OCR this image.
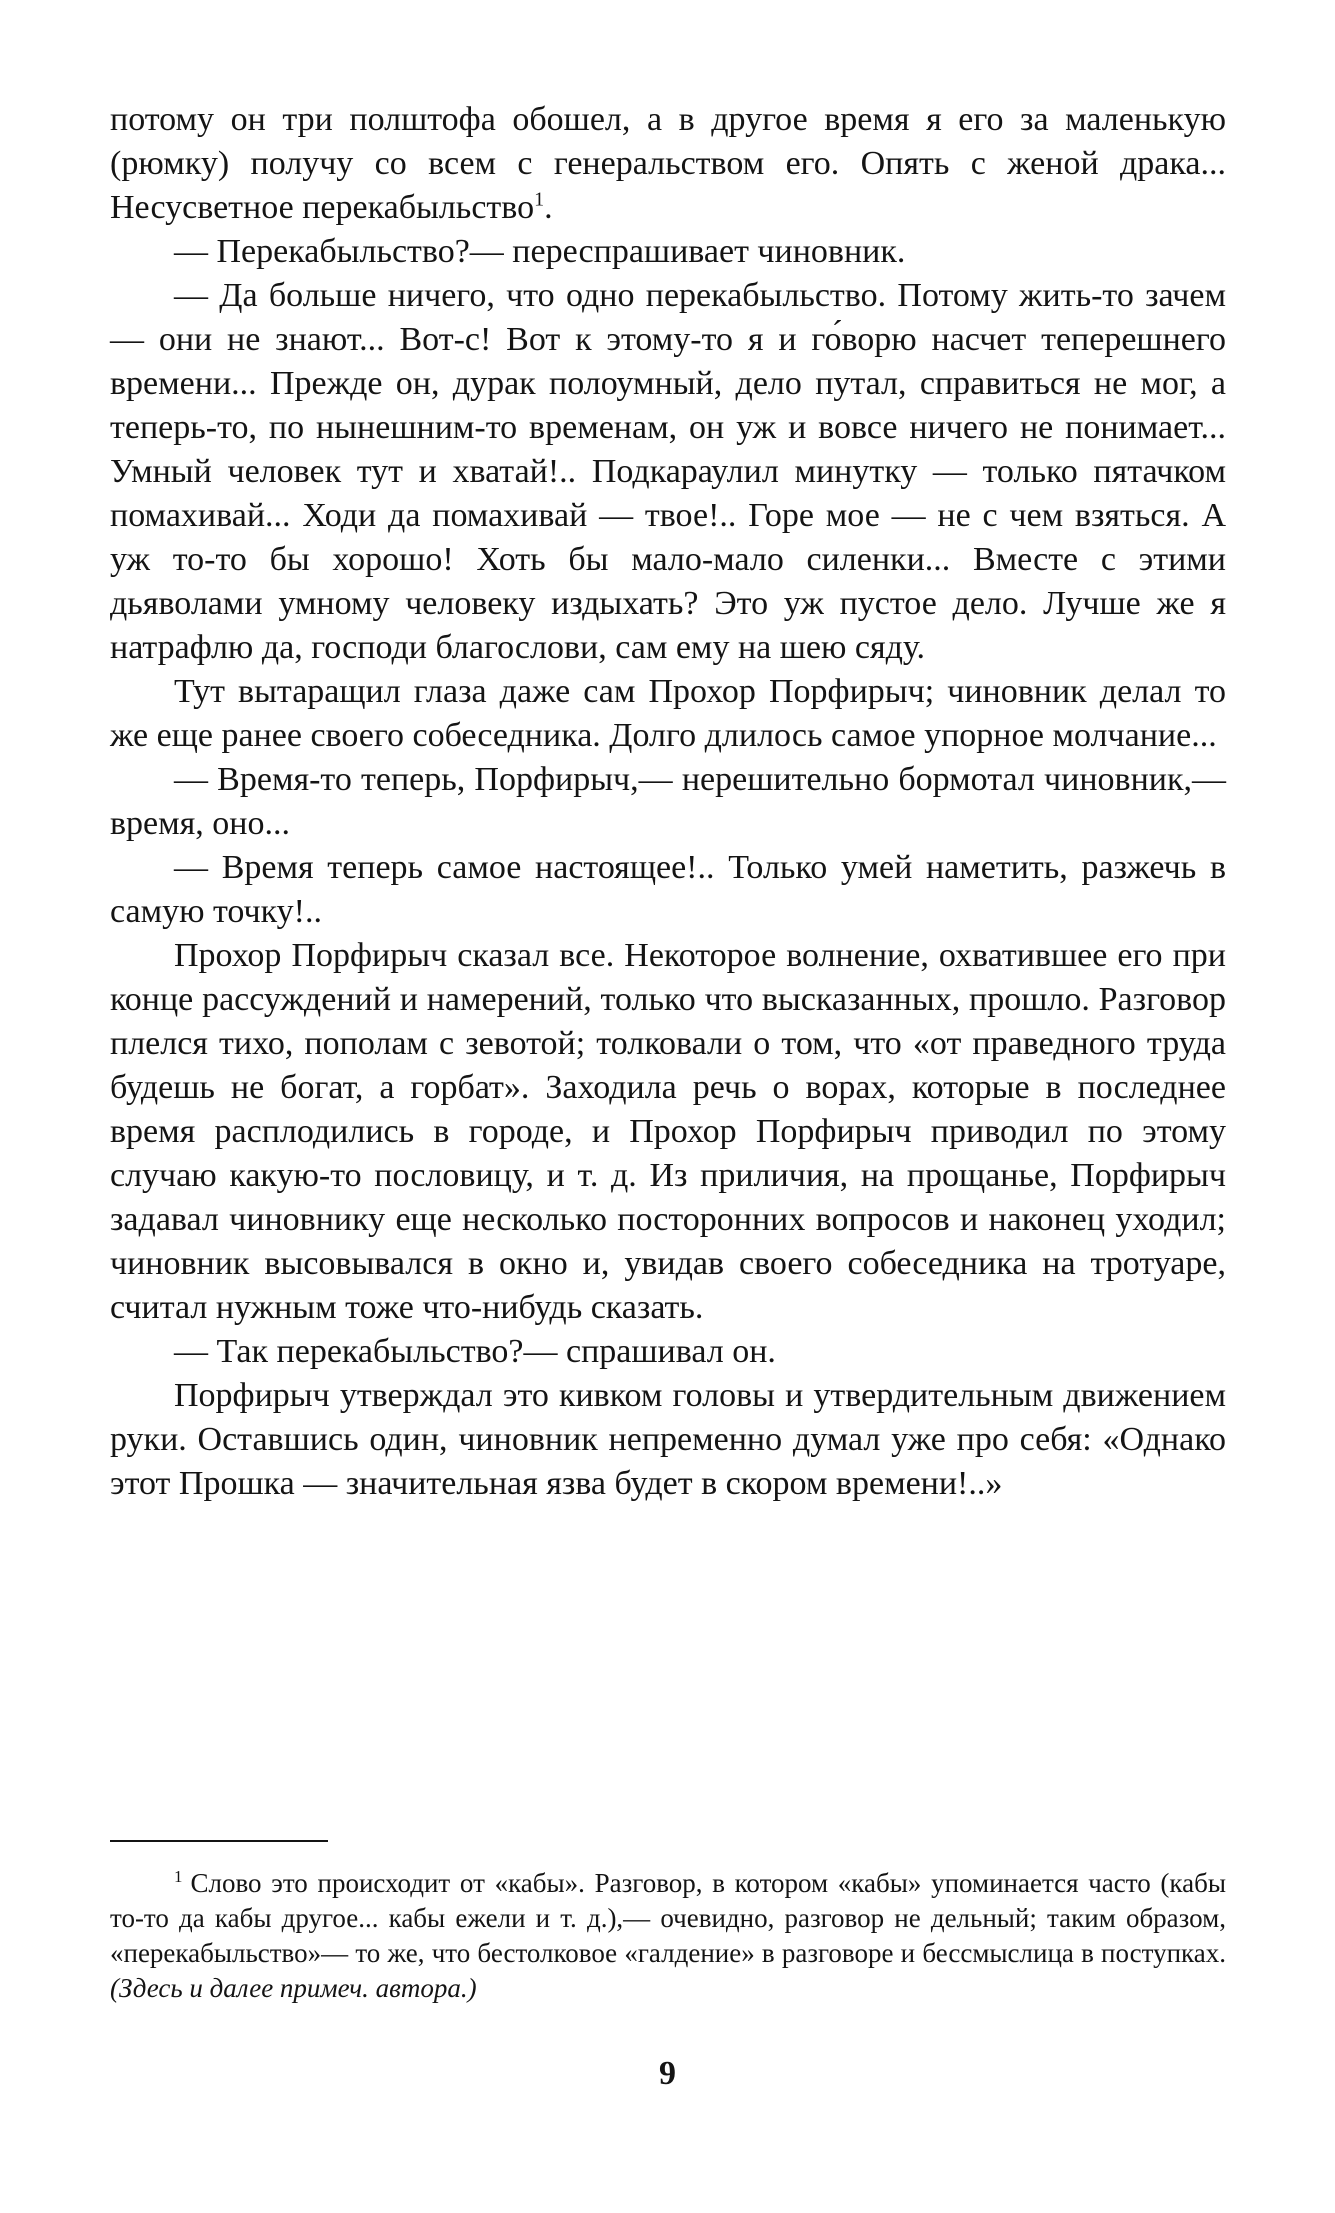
потому он три полштофа обошел, а в другое время я его за маленькую (рюмку) получу со всем с генеральством его. Опять с женой драка... Несусветное перекабыльство$^1$.

— Перекабыльство?— переспрашивает чиновник.

— Да больше ничего, что одно перекабыльство. Потому жить-то зачем — они не знают... Вот-с! Вот к этому-то я и го́ворю насчет теперешнего времени... Прежде он, дурак полоумный, дело путал, справиться не мог, а теперь-то, по нынешним-то временам, он уж и вовсе ничего не понимает... Умный человек тут и хватай!.. Подкараулил минутку — только пятачком помахивай... Ходи да помахивай — твое!.. Горе мое — не с чем взяться. А уж то-то бы хорошо! Хоть бы мало-мало силенки... Вместе с этими дьяволами умному человеку издыхать? Это уж пустое дело. Лучше же я натрафлю да, господи благослови, сам ему на шею сяду.

Тут вытаращил глаза даже сам Прохор Порфирыч; чиновник делал то же еще ранее своего собеседника. Долго длилось самое упорное молчание...

— Время-то теперь, Порфирыч,— нерешительно бормотал чиновник,— время, оно...

— Время теперь самое настоящее!.. Только умей наметить, разжечь в самую точку!..

Прохор Порфирыч сказал все. Некоторое волнение, охватившее его при конце рассуждений и намерений, только что высказанных, прошло. Разговор плелся тихо, пополам с зевотой; толковали о том, что «от праведного труда будешь не богат, а горбат». Заходила речь о ворах, которые в последнее время расплодились в городе, и Прохор Порфирыч приводил по этому случаю какую-то пословицу, и т. д. Из приличия, на прощанье, Порфирыч задавал чиновнику еще несколько посторонних вопросов и наконец уходил; чиновник высовывался в окно и, увидав своего собеседника на тротуаре, считал нужным тоже что-нибудь сказать.

— Так перекабыльство?— спрашивал он.

Порфирыч утверждал это кивком головы и утвердительным движением руки. Оставшись один, чиновник непременно думал уже про себя: «Однако этот Прошка — значительная язва будет в скором времени!..»

$^1$ Слово это происходит от «кабы». Разговор, в котором «кабы» упоминается часто (кабы то-то да кабы другое... кабы ежели и т. д.),— очевидно, разговор не дельный; таким образом, «перекабыльство»— то же, что бестолковое «галдение» в разговоре и бессмыслица в поступках. (Здесь и далее примеч. автора.)

9
